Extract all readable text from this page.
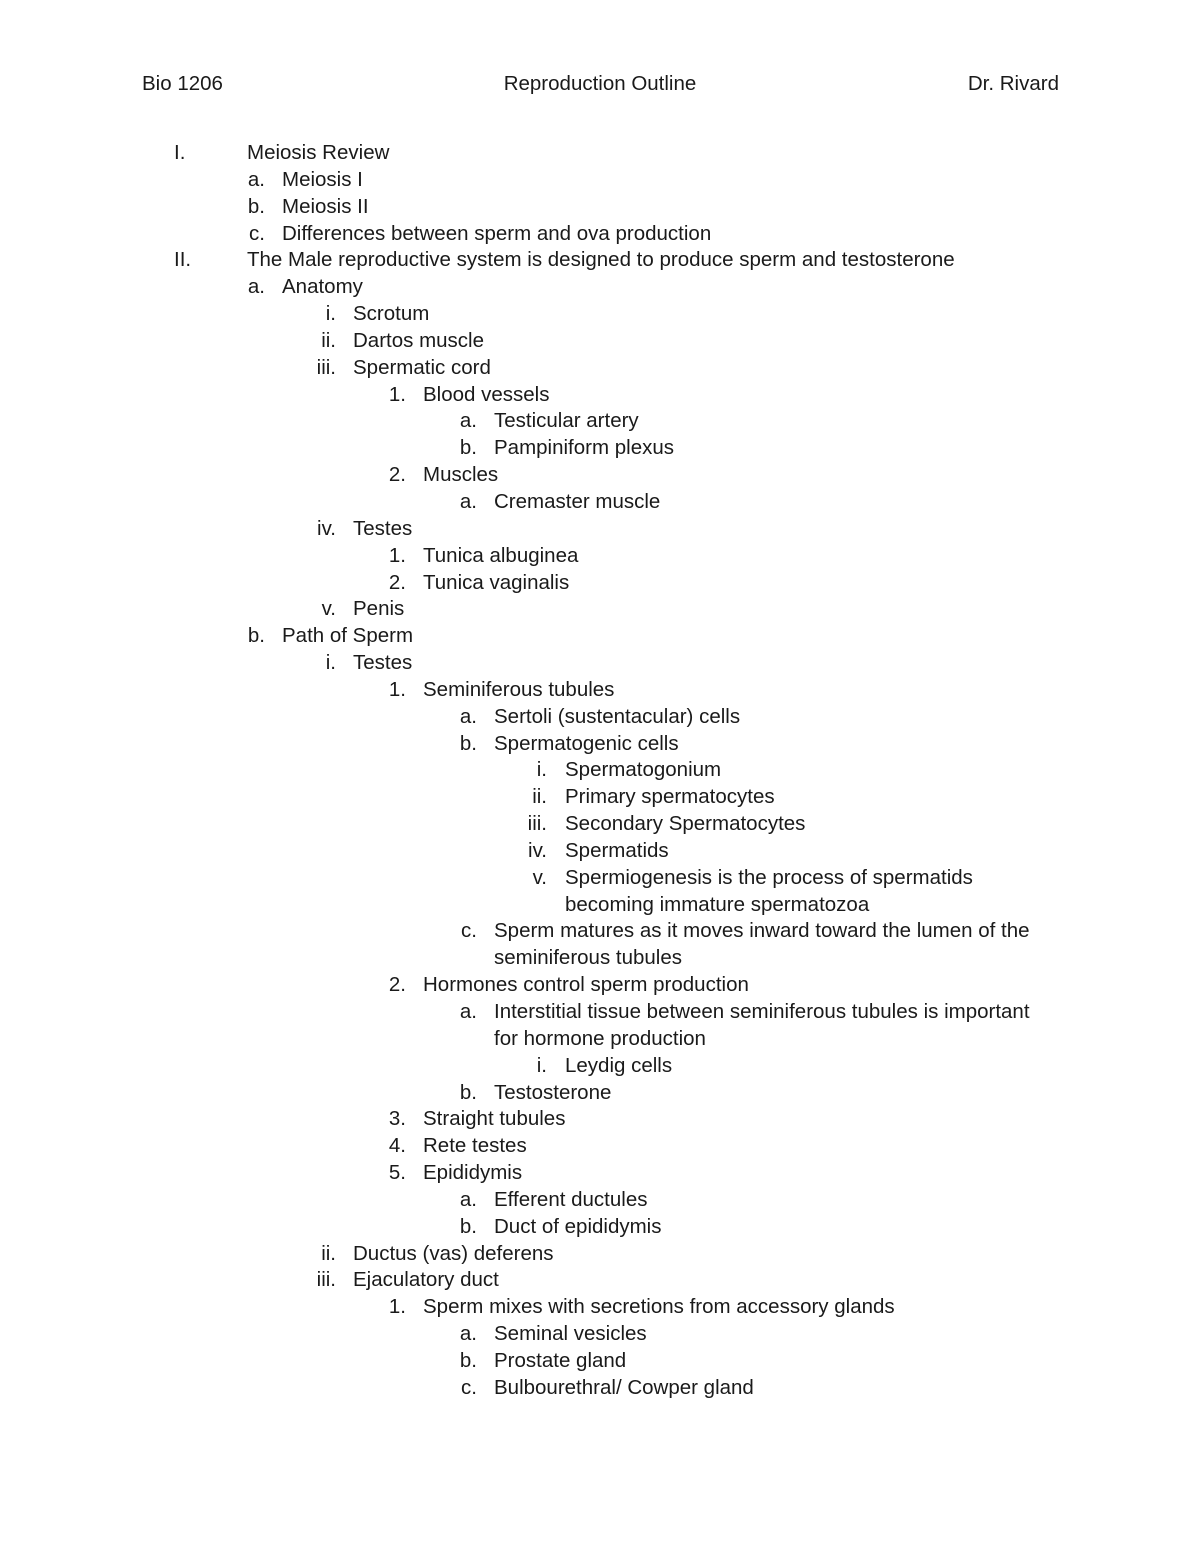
Bio 1206	Reproduction Outline	Dr. Rivard
I.	Meiosis Review
a. Meiosis I
b. Meiosis II
c. Differences between sperm and ova production
II.	The Male reproductive system is designed to produce sperm and testosterone
a. Anatomy
i. Scrotum
ii. Dartos muscle
iii. Spermatic cord
1. Blood vessels
a. Testicular artery
b. Pampiniform plexus
2. Muscles
a. Cremaster muscle
iv. Testes
1. Tunica albuginea
2. Tunica vaginalis
v. Penis
b. Path of Sperm
i. Testes
1. Seminiferous tubules
a. Sertoli (sustentacular) cells
b. Spermatogenic cells
i. Spermatogonium
ii. Primary spermatocytes
iii. Secondary Spermatocytes
iv. Spermatids
v. Spermiogenesis is the process of spermatids
becoming immature spermatozoa
c. Sperm matures as it moves inward toward the lumen of the
seminiferous tubules
2. Hormones control sperm production
a. Interstitial tissue between seminiferous tubules is important
for hormone production
i. Leydig cells
b. Testosterone
3. Straight tubules
4. Rete testes
5. Epididymis
a. Efferent ductules
b. Duct of epididymis
ii. Ductus (vas) deferens
iii. Ejaculatory duct
1. Sperm mixes with secretions from accessory glands
a. Seminal vesicles
b. Prostate gland
c. Bulbourethral/ Cowper gland
